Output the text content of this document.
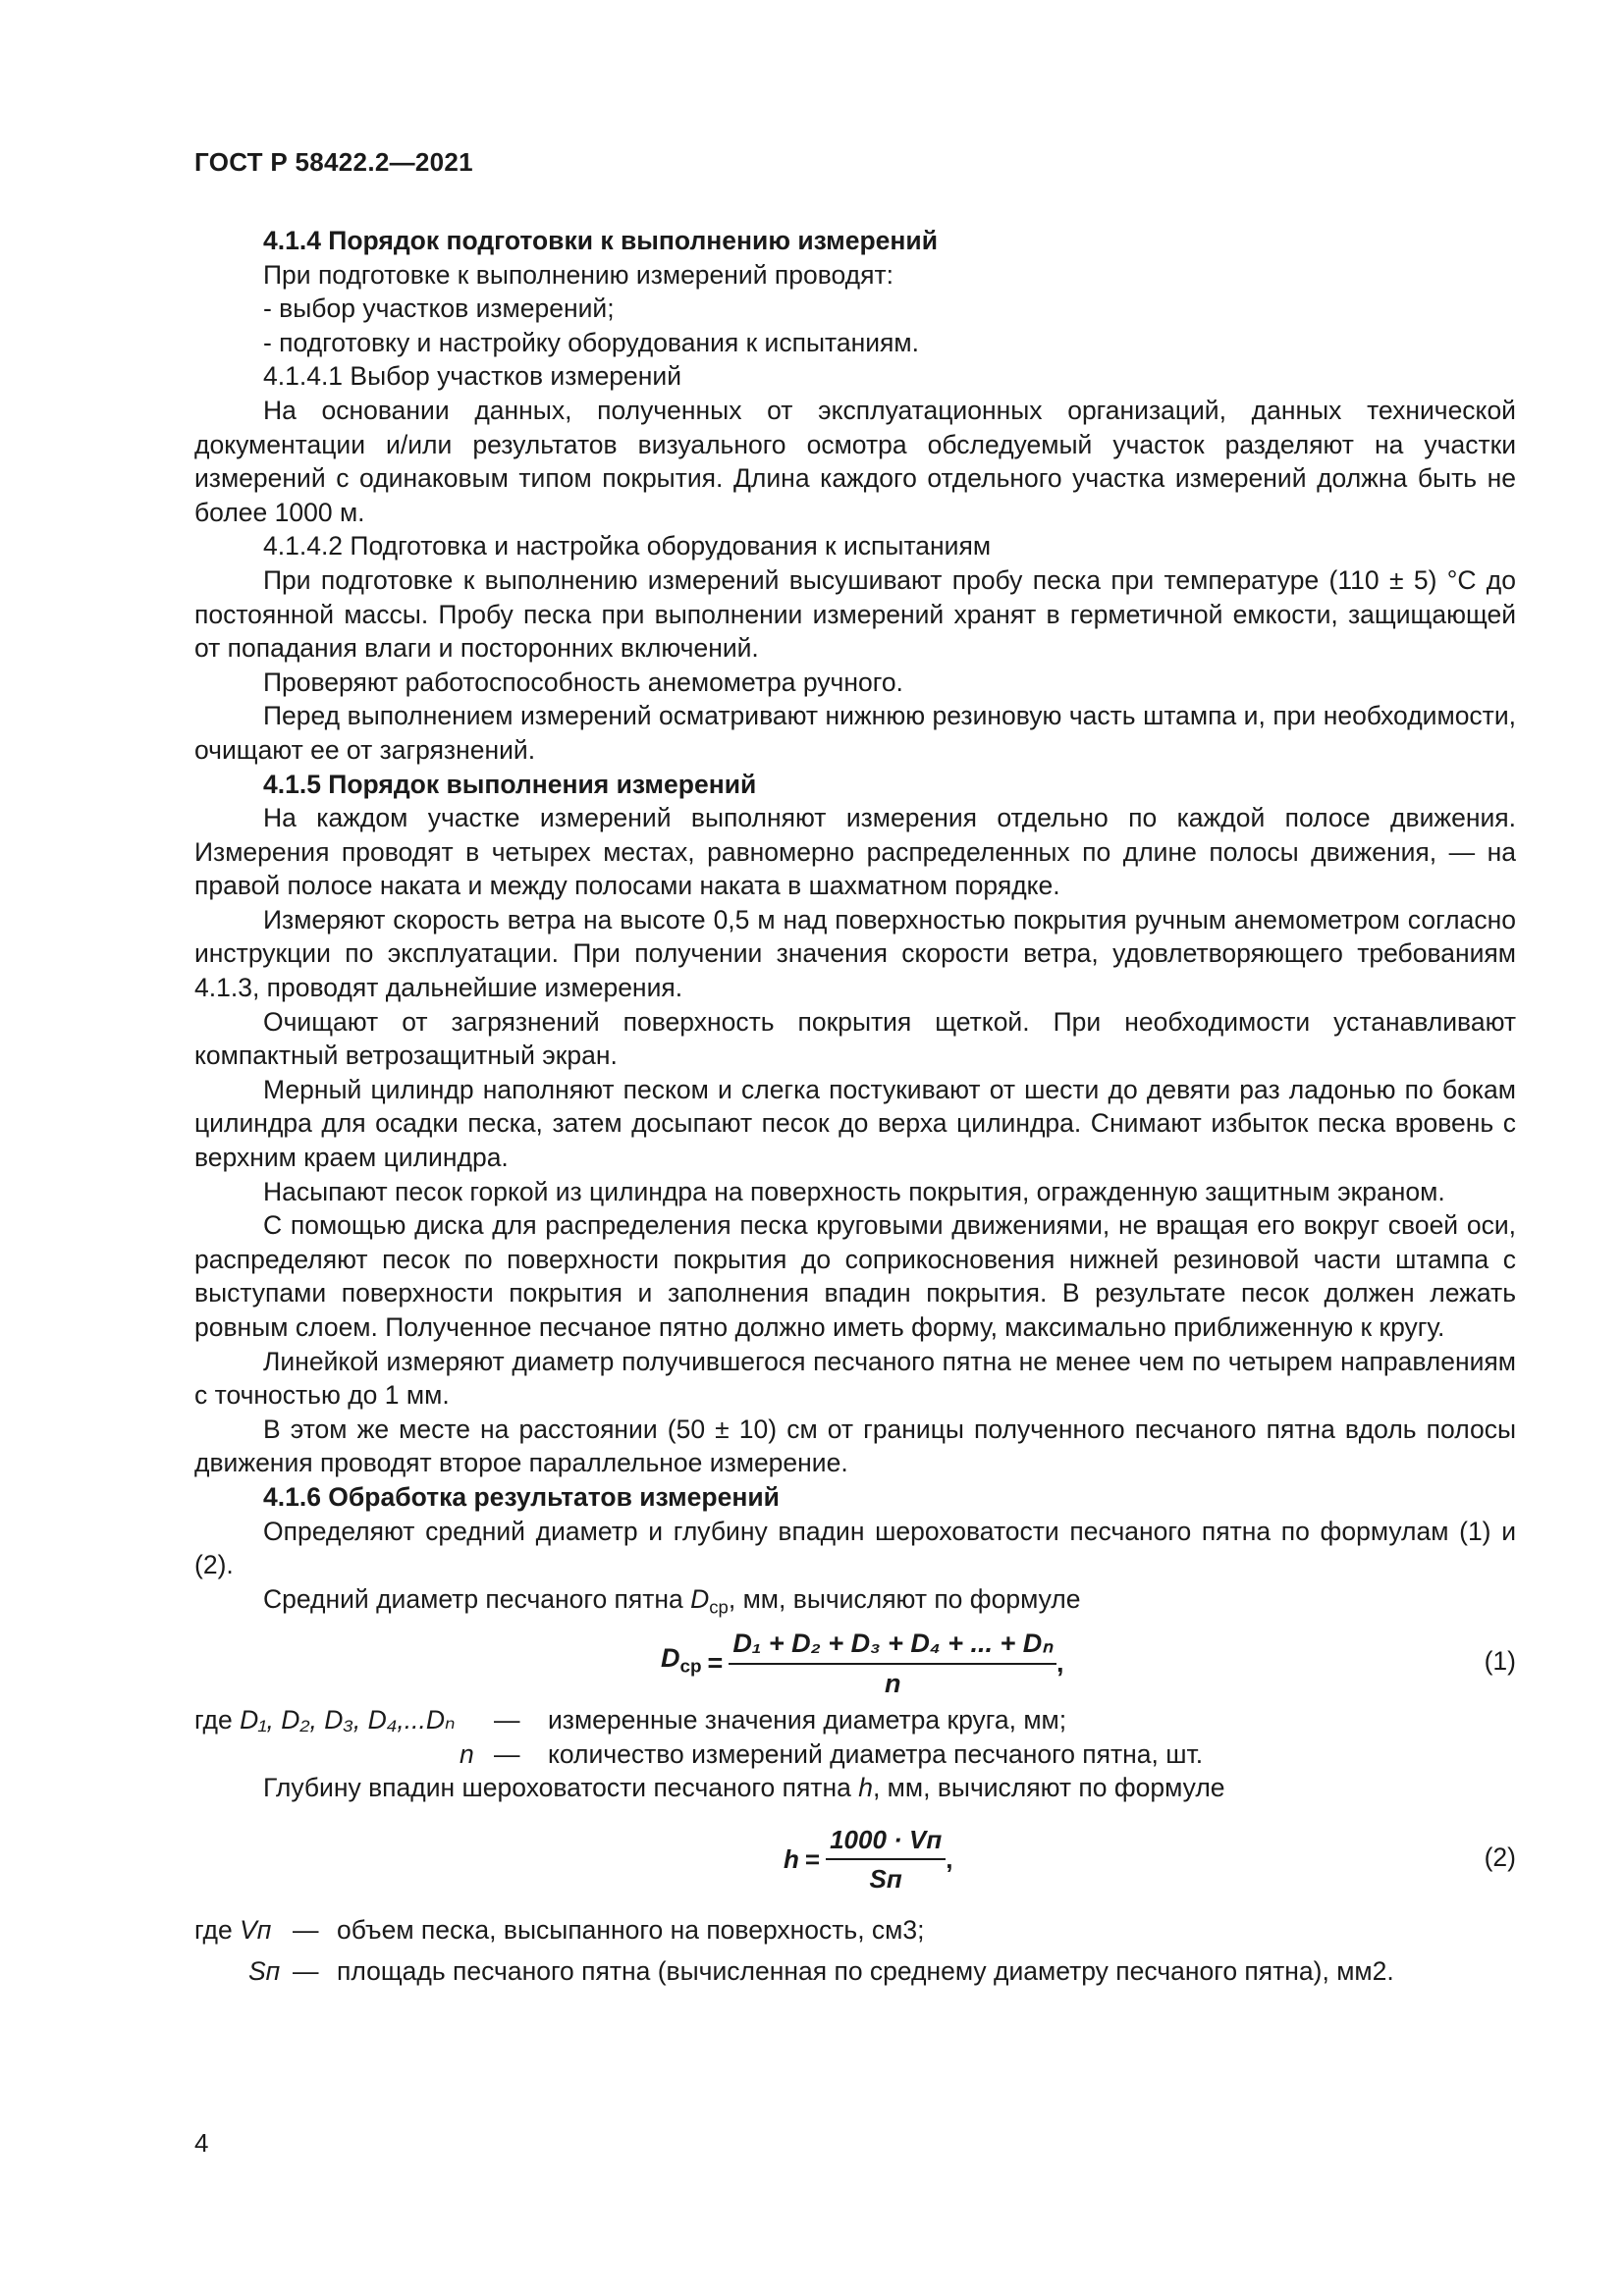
ГОСТ Р 58422.2—2021

4.1.4 Порядок подготовки к выполнению измерений

При подготовке к выполнению измерений проводят:

- выбор участков измерений;

- подготовку и настройку оборудования к испытаниям.

4.1.4.1 Выбор участков измерений

На основании данных, полученных от эксплуатационных организаций, данных технической документации и/или результатов визуального осмотра обследуемый участок разделяют на участки измерений с одинаковым типом покрытия. Длина каждого отдельного участка измерений должна быть не более 1000 м.

4.1.4.2 Подготовка и настройка оборудования к испытаниям

При подготовке к выполнению измерений высушивают пробу песка при температуре (110 ± 5) °C до постоянной массы. Пробу песка при выполнении измерений хранят в герметичной емкости, защищающей от попадания влаги и посторонних включений.

Проверяют работоспособность анемометра ручного.

Перед выполнением измерений осматривают нижнюю резиновую часть штампа и, при необходимости, очищают ее от загрязнений.

4.1.5 Порядок выполнения измерений

На каждом участке измерений выполняют измерения отдельно по каждой полосе движения. Измерения проводят в четырех местах, равномерно распределенных по длине полосы движения, — на правой полосе наката и между полосами наката в шахматном порядке.

Измеряют скорость ветра на высоте 0,5 м над поверхностью покрытия ручным анемометром согласно инструкции по эксплуатации. При получении значения скорости ветра, удовлетворяющего требованиям 4.1.3, проводят дальнейшие измерения.

Очищают от загрязнений поверхность покрытия щеткой. При необходимости устанавливают компактный ветрозащитный экран.

Мерный цилиндр наполняют песком и слегка постукивают от шести до девяти раз ладонью по бокам цилиндра для осадки песка, затем досыпают песок до верха цилиндра. Снимают избыток песка вровень с верхним краем цилиндра.

Насыпают песок горкой из цилиндра на поверхность покрытия, огражденную защитным экраном.

С помощью диска для распределения песка круговыми движениями, не вращая его вокруг своей оси, распределяют песок по поверхности покрытия до соприкосновения нижней резиновой части штампа с выступами поверхности покрытия и заполнения впадин покрытия. В результате песок должен лежать ровным слоем. Полученное песчаное пятно должно иметь форму, максимально приближенную к кругу.

Линейкой измеряют диаметр получившегося песчаного пятна не менее чем по четырем направлениям с точностью до 1 мм.

В этом же месте на расстоянии (50 ± 10) см от границы полученного песчаного пятна вдоль полосы движения проводят второе параллельное измерение.

4.1.6 Обработка результатов измерений

Определяют средний диаметр и глубину впадин шероховатости песчаного пятна по формулам (1) и (2).

Средний диаметр песчаного пятна $D_{ср}$, мм, вычисляют по формуле

$D_{ср} = \frac{\text{D₁ + D₂ + D₃ + D₄ + ... + Dₙ}}{n}$ ,	(1)
где D₁, D₂, D₃, D₄,...Dₙ — измеренные значения диаметра круга, мм;
n — количество измерений диаметра песчаного пятна, шт.

Глубину впадин шероховатости песчаного пятна h, мм, вычисляют по формуле

$h = \frac{1000 \cdot Vп}{Sп}$ ,	(2)
где Vп — объем песка, высыпанного на поверхность, см3;
Sп — площадь песчаного пятна (вычисленная по среднему диаметру песчаного пятна), мм2.
4
